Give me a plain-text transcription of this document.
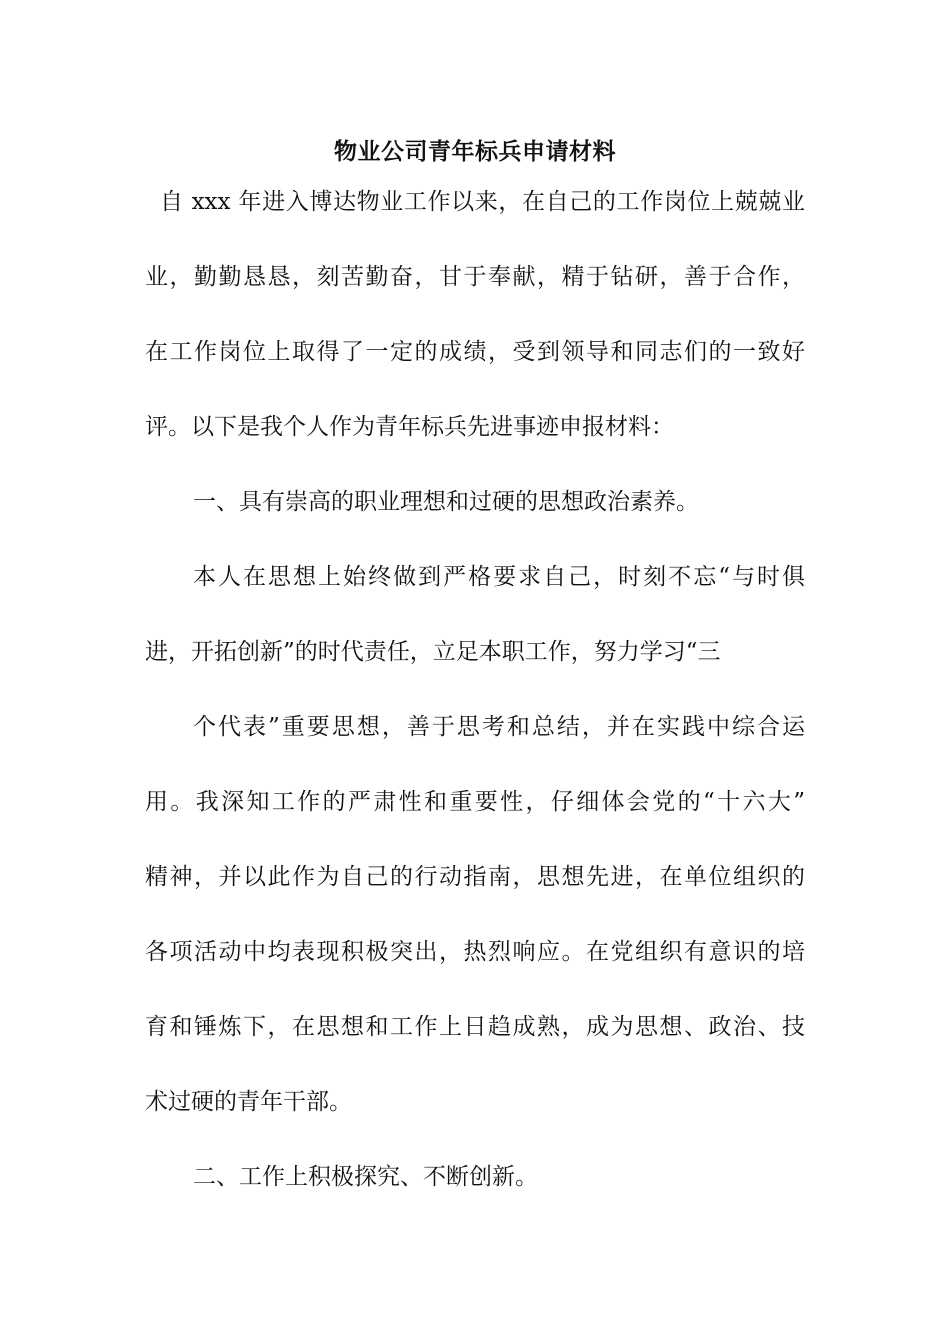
物业公司青年标兵申请材料

自 xxx 年进入博达物业工作以来，在自己的工作岗位上兢兢业

业，勤勤恳恳，刻苦勤奋，甘于奉献，精于钻研，善于合作，

在工作岗位上取得了一定的成绩，受到领导和同志们的一致好

评。以下是我个人作为青年标兵先进事迹申报材料：

一、具有崇高的职业理想和过硬的思想政治素养。

本人在思想上始终做到严格要求自己，时刻不忘“与时俱

进，开拓创新”的时代责任，立足本职工作，努力学习“三

个代表”重要思想，善于思考和总结，并在实践中综合运

用。我深知工作的严肃性和重要性，仔细体会党的“十六大”

精神，并以此作为自己的行动指南，思想先进，在单位组织的

各项活动中均表现积极突出，热烈响应。在党组织有意识的培

育和锤炼下，在思想和工作上日趋成熟，成为思想、政治、技

术过硬的青年干部。

二、工作上积极探究、不断创新。
